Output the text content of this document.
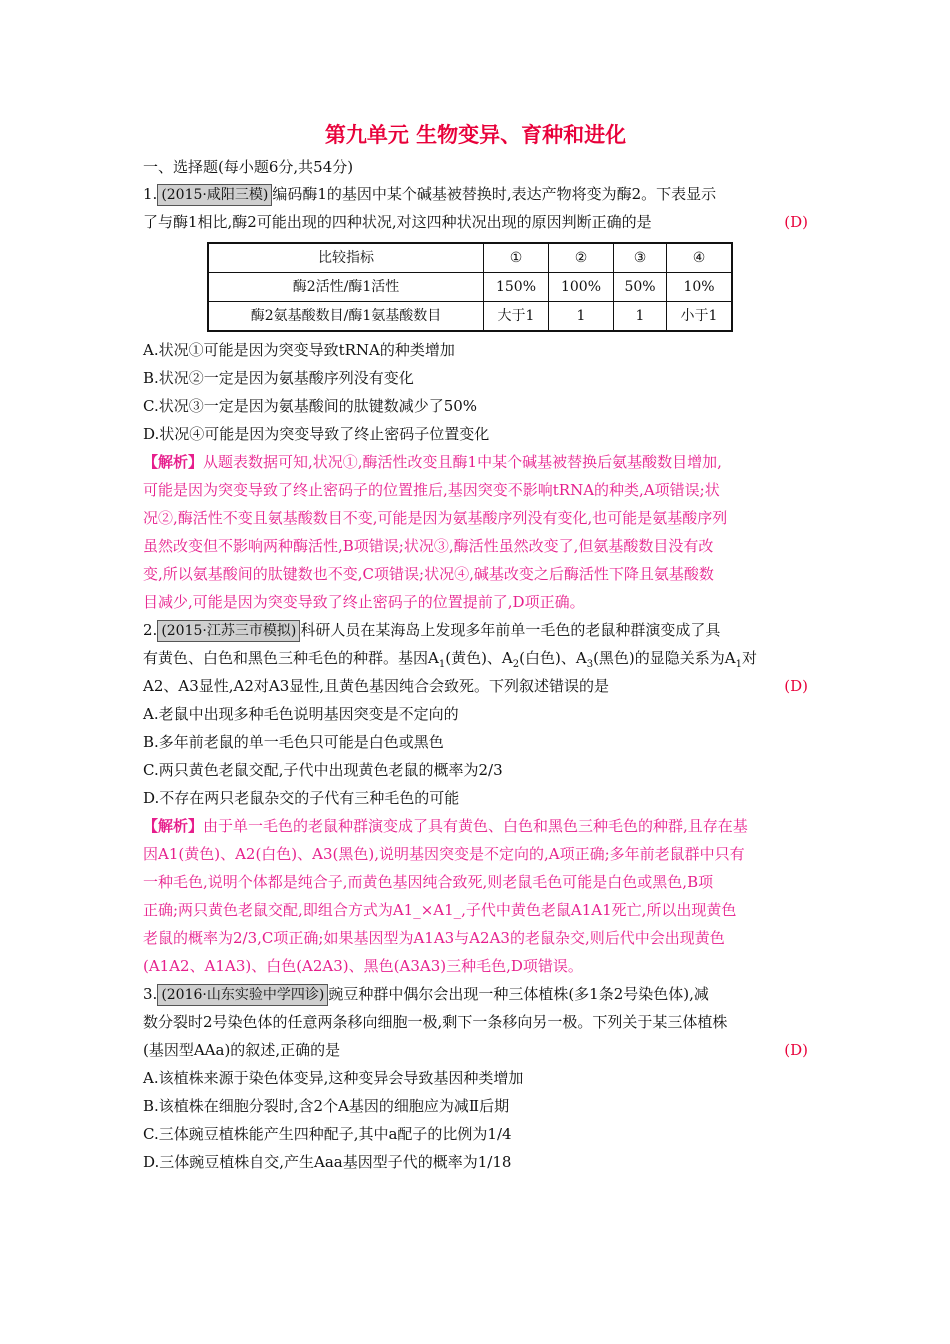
第九单元 生物变异、育种和进化
一、选择题(每小题6分,共54分)
1. (2015·咸阳三模) 编码酶1的基因中某个碱基被替换时,表达产物将变为酶2。下表显示
了与酶1相比,酶2可能出现的四种状况,对这四种状况出现的原因判断正确的是	(D)
比较指标	①	②	③	④
酶2活性/酶1活性	150%	100%	50%	10%
酶2氨基酸数目/酶1氨基酸数目	大于1	1	1	小于1
A.状况①可能是因为突变导致tRNA的种类增加
B.状况②一定是因为氨基酸序列没有变化
C.状况③一定是因为氨基酸间的肽键数减少了50%
D.状况④可能是因为突变导致了终止密码子位置变化
【解析】从题表数据可知,状况①,酶活性改变且酶1中某个碱基被替换后氨基酸数目增加,
可能是因为突变导致了终止密码子的位置推后,基因突变不影响tRNA的种类,A项错误;状
况②,酶活性不变且氨基酸数目不变,可能是因为氨基酸序列没有变化,也可能是氨基酸序列
虽然改变但不影响两种酶活性,B项错误;状况③,酶活性虽然改变了,但氨基酸数目没有改
变,所以氨基酸间的肽键数也不变,C项错误;状况④,碱基改变之后酶活性下降且氨基酸数
目减少,可能是因为突变导致了终止密码子的位置提前了,D项正确。
2. (2015·江苏三市模拟) 科研人员在某海岛上发现多年前单一毛色的老鼠种群演变成了具
有黄色、白色和黑色三种毛色的种群。基因$A_1$(黄色)、$A_2$(白色)、$A_3$(黑色)的显隐关系为$A_1$对
A2、A3显性,A2对A3显性,且黄色基因纯合会致死。下列叙述错误的是	(D)
A.老鼠中出现多种毛色说明基因突变是不定向的
B.多年前老鼠的单一毛色只可能是白色或黑色
C.两只黄色老鼠交配,子代中出现黄色老鼠的概率为2/3
D.不存在两只老鼠杂交的子代有三种毛色的可能
【解析】由于单一毛色的老鼠种群演变成了具有黄色、白色和黑色三种毛色的种群,且存在基
因A1(黄色)、A2(白色)、A3(黑色),说明基因突变是不定向的,A项正确;多年前老鼠群中只有
一种毛色,说明个体都是纯合子,而黄色基因纯合致死,则老鼠毛色可能是白色或黑色,B项
正确;两只黄色老鼠交配,即组合方式为A1_×A1_,子代中黄色老鼠A1A1死亡,所以出现黄色
老鼠的概率为2/3,C项正确;如果基因型为A1A3与A2A3的老鼠杂交,则后代中会出现黄色
(A1A2、A1A3)、白色(A2A3)、黑色(A3A3)三种毛色,D项错误。
3. (2016·山东实验中学四诊) 豌豆种群中偶尔会出现一种三体植株(多1条2号染色体),减
数分裂时2号染色体的任意两条移向细胞一极,剩下一条移向另一极。下列关于某三体植株
(基因型AAa)的叙述,正确的是	(D)
A.该植株来源于染色体变异,这种变异会导致基因种类增加
B.该植株在细胞分裂时,含2个A基因的细胞应为减Ⅱ后期
C.三体豌豆植株能产生四种配子,其中a配子的比例为1/4
D.三体豌豆植株自交,产生Aaa基因型子代的概率为1/18
